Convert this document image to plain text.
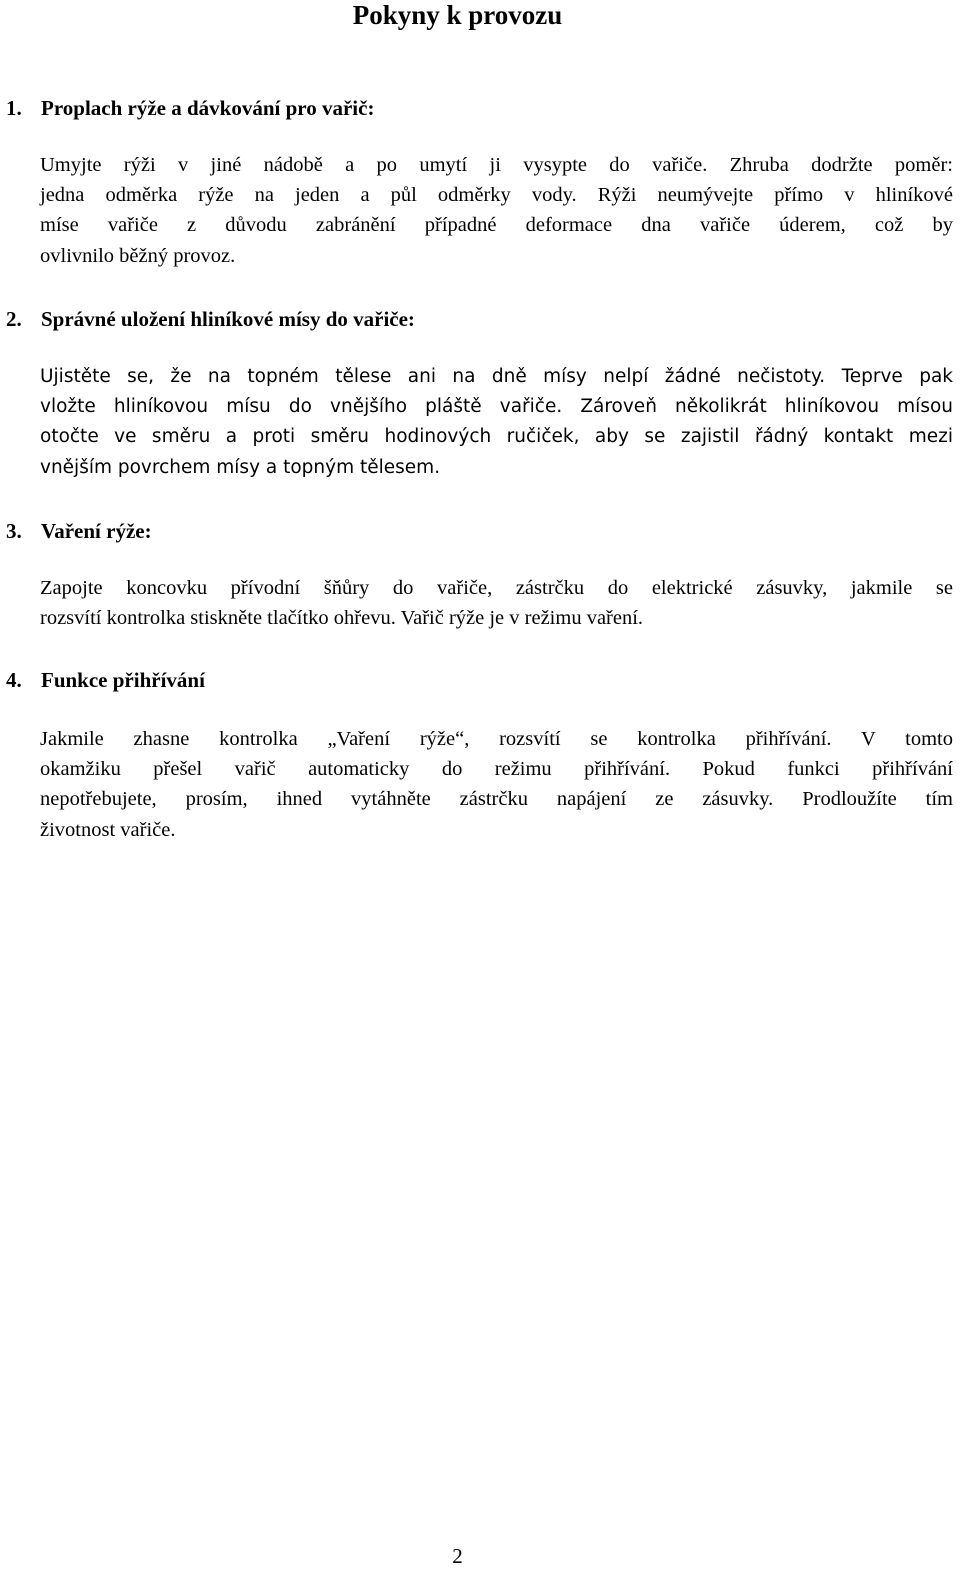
Pokyny k provozu
1. Proplach rýže a dávkování pro vařič:

Umyjte rýži v jiné nádobě a po umytí ji vysypte do vařiče. Zhruba dodržte poměr:
jedna odměrka rýže na jeden a půl odměrky vody. Rýži neumývejte přímo v hliníkové
míse vařiče z důvodu zabránění případné deformace dna vařiče úderem, což by
ovlivnilo běžný provoz.

2. Správné uložení hliníkové mísy do vařiče:

Ujistěte se, že na topném tělese ani na dně mísy nelpí žádné nečistoty. Teprve pak
vložte hliníkovou mísu do vnějšího pláště vařiče. Zároveň několikrát hliníkovou mísou
otočte ve směru a proti směru hodinových ručiček, aby se zajistil řádný kontakt mezi
vnějším povrchem mísy a topným tělesem.

3. Vaření rýže:

Zapojte koncovku přívodní šňůry do vařiče, zástrčku do elektrické zásuvky, jakmile se
rozsvítí kontrolka stiskněte tlačítko ohřevu. Vařič rýže je v režimu vaření.

4. Funkce přihřívání

Jakmile zhasne kontrolka „Vaření rýže“, rozsvítí se kontrolka přihřívání. V tomto
okamžiku přešel vařič automaticky do režimu přihřívání. Pokud funkci přihřívání
nepotřebujete, prosím, ihned vytáhněte zástrčku napájení ze zásuvky. Prodloužíte tím
životnost vařiče.

2
